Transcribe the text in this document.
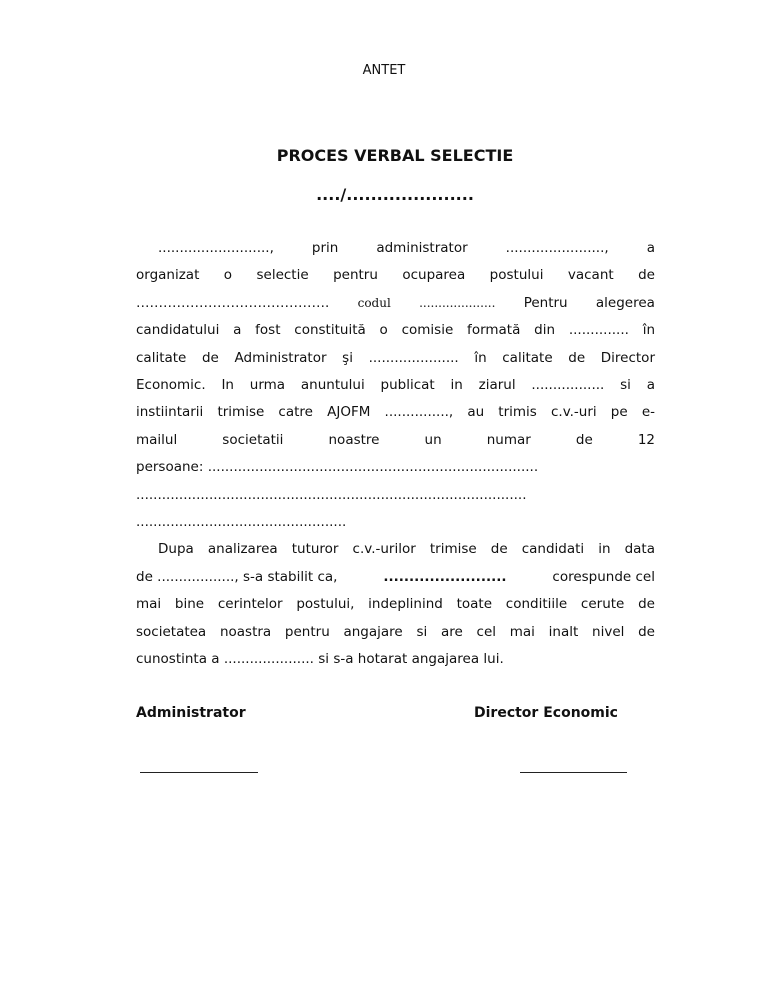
ANTET
PROCES VERBAL SELECTIE
..../.....................
..........................,	prin	administrator	.......................,	a
organizat o selectie pentru ocuparea postului vacant de
……………………………………. codul .................... Pentru alegerea
candidatului a fost constituită o comisie formată din .............. în
calitate de Administrator şi ..................... în calitate de Director
Economic. In urma anuntului publicat in ziarul ................. si a
instiintarii trimise catre AJOFM ..............., au trimis c.v.-uri pe e-
mailul societatii noastre un numar de 12
persoane: .............................................................................
...........................................................................................
.................................................
Dupa analizarea tuturor c.v.-urilor trimise de candidati in data
de .................., s-a stabilit ca,	........................	corespunde cel
mai bine cerintelor postului, indeplinind toate conditiile cerute de
societatea noastra pentru angajare si are cel mai inalt nivel de
cunostinta a ..................... si s-a hotarat angajarea lui.
Administrator	Director Economic
